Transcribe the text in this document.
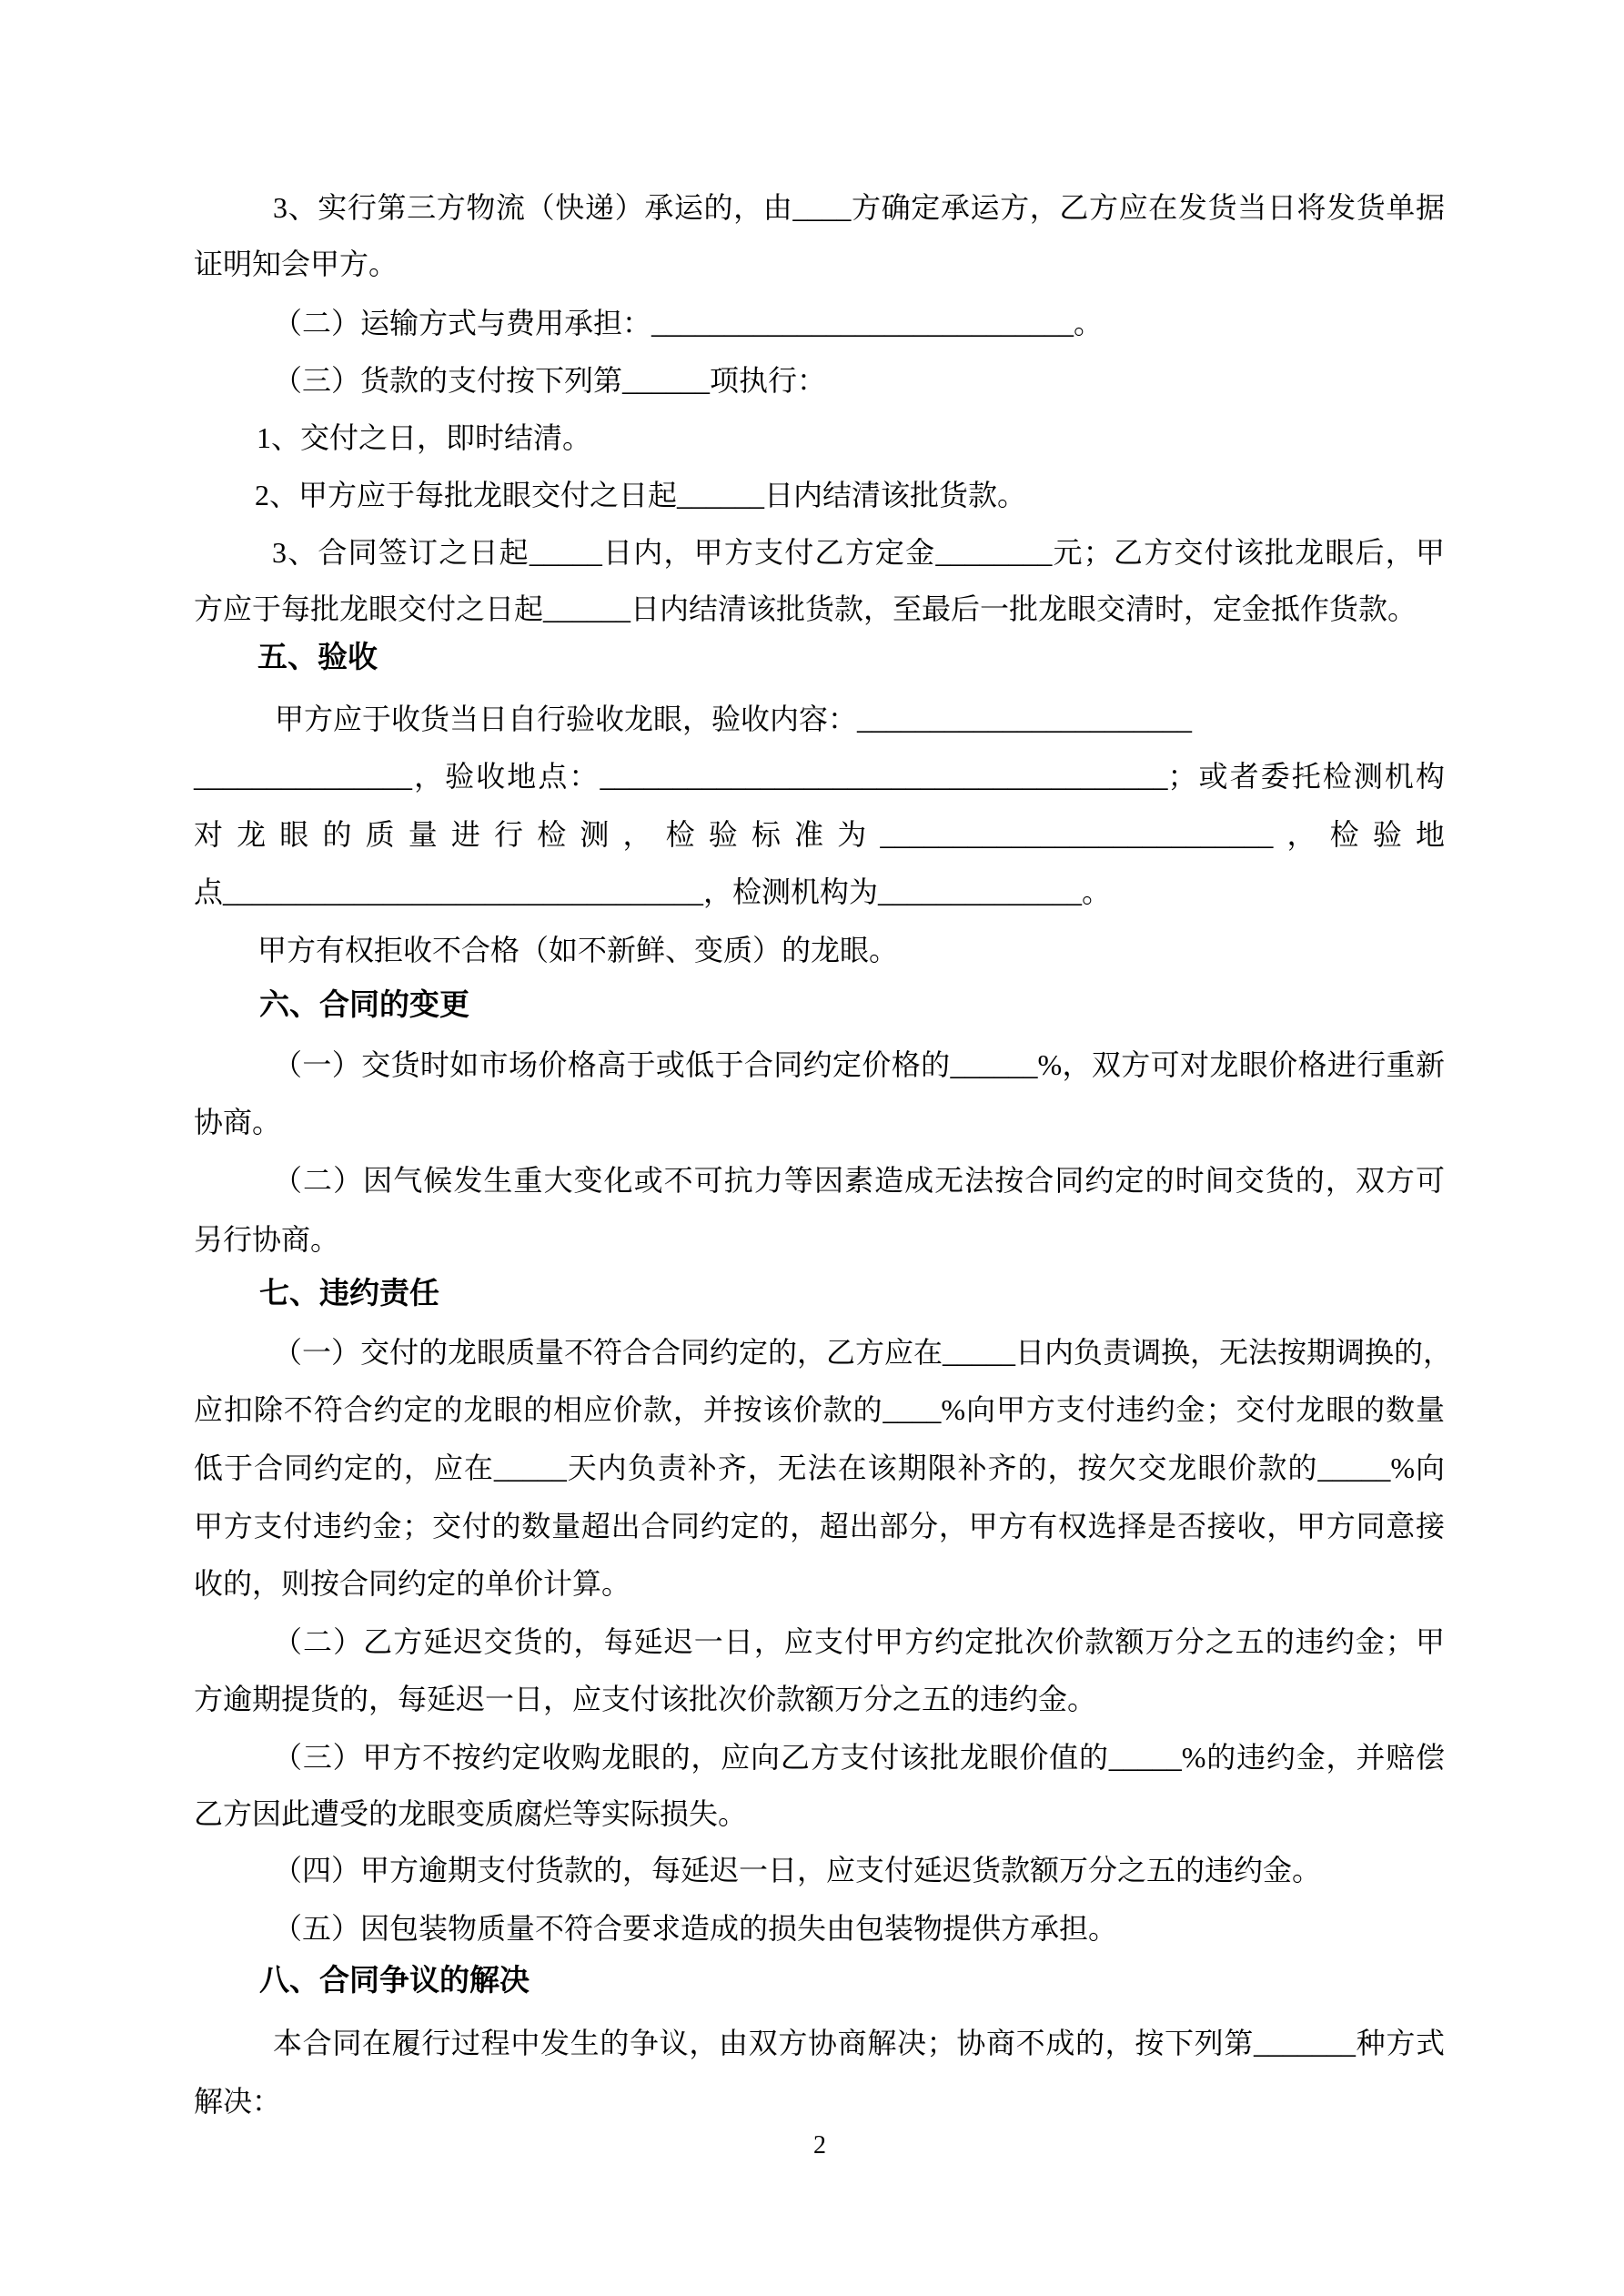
3、实行第三方物流（快递）承运的，由____方确定承运方，乙方应在发货当日将发货单据
证明知会甲方。
（二）运输方式与费用承担：_____________________________。
（三）货款的支付按下列第______项执行：
1、交付之日，即时结清。
2、甲方应于每批龙眼交付之日起______日内结清该批货款。
3、合同签订之日起_____日内，甲方支付乙方定金________元；乙方交付该批龙眼后，甲
方应于每批龙眼交付之日起______日内结清该批货款，至最后一批龙眼交清时，定金抵作货款。
五、验收
甲方应于收货当日自行验收龙眼，验收内容：_______________________
_______________，验收地点：_______________________________________；或者委托检测机构
对龙眼的质量进行检测，检验标准为___________________________，检验地
点_________________________________，检测机构为______________。
甲方有权拒收不合格（如不新鲜、变质）的龙眼。
六、合同的变更
（一）交货时如市场价格高于或低于合同约定价格的______%，双方可对龙眼价格进行重新
协商。
（二）因气候发生重大变化或不可抗力等因素造成无法按合同约定的时间交货的，双方可
另行协商。
七、违约责任
（一）交付的龙眼质量不符合合同约定的，乙方应在_____日内负责调换，无法按期调换的，
应扣除不符合约定的龙眼的相应价款，并按该价款的____%向甲方支付违约金；交付龙眼的数量
低于合同约定的，应在_____天内负责补齐，无法在该期限补齐的，按欠交龙眼价款的_____%向
甲方支付违约金；交付的数量超出合同约定的，超出部分，甲方有权选择是否接收，甲方同意接
收的，则按合同约定的单价计算。
（二）乙方延迟交货的，每延迟一日，应支付甲方约定批次价款额万分之五的违约金；甲
方逾期提货的，每延迟一日，应支付该批次价款额万分之五的违约金。
（三）甲方不按约定收购龙眼的，应向乙方支付该批龙眼价值的_____%的违约金，并赔偿
乙方因此遭受的龙眼变质腐烂等实际损失。
（四）甲方逾期支付货款的，每延迟一日，应支付延迟货款额万分之五的违约金。
（五）因包装物质量不符合要求造成的损失由包装物提供方承担。
八、合同争议的解决
本合同在履行过程中发生的争议，由双方协商解决；协商不成的，按下列第_______种方式
解决：
2
